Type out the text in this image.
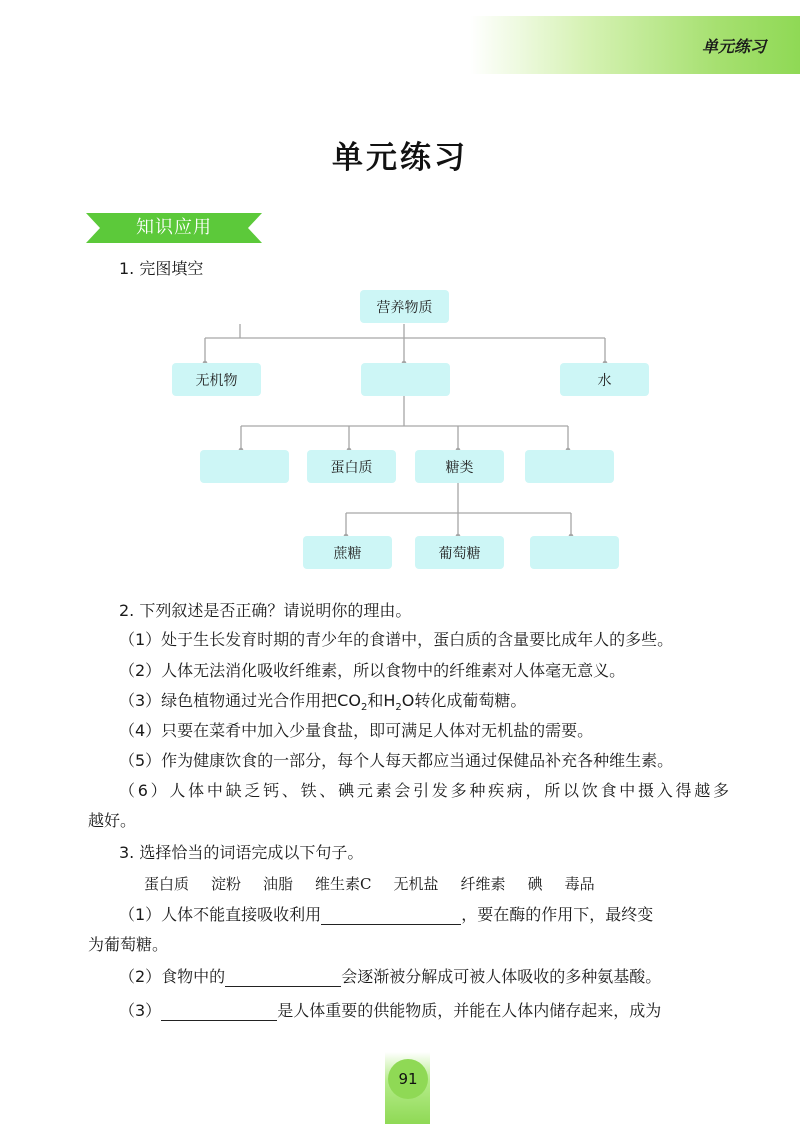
单元练习
单元练习
知识应用
1. 完图填空
营养物质
无机物	水
蛋白质	糖类
蔗糖	葡萄糖
2. 下列叙述是否正确？请说明你的理由。
（1）处于生长发育时期的青少年的食谱中，蛋白质的含量要比成年人的多些。
（2）人体无法消化吸收纤维素，所以食物中的纤维素对人体毫无意义。
（3）绿色植物通过光合作用把$CO_2$和$H_2O$转化成葡萄糖。
（4）只要在菜肴中加入少量食盐，即可满足人体对无机盐的需要。
（5）作为健康饮食的一部分，每个人每天都应当通过保健品补充各种维生素。
（6）人体中缺乏钙、铁、碘元素会引发多种疾病，所以饮食中摄入得越多
越好。
3. 选择恰当的词语完成以下句子。
蛋白质 淀粉 油脂 维生素C 无机盐 纤维素 碘 毒品
（1）人体不能直接吸收利用	，要在酶的作用下，最终变
为葡萄糖。
（2）食物中的	会逐渐被分解成可被人体吸收的多种氨基酸。
（3）	是人体重要的供能物质，并能在人体内储存起来，成为
91
